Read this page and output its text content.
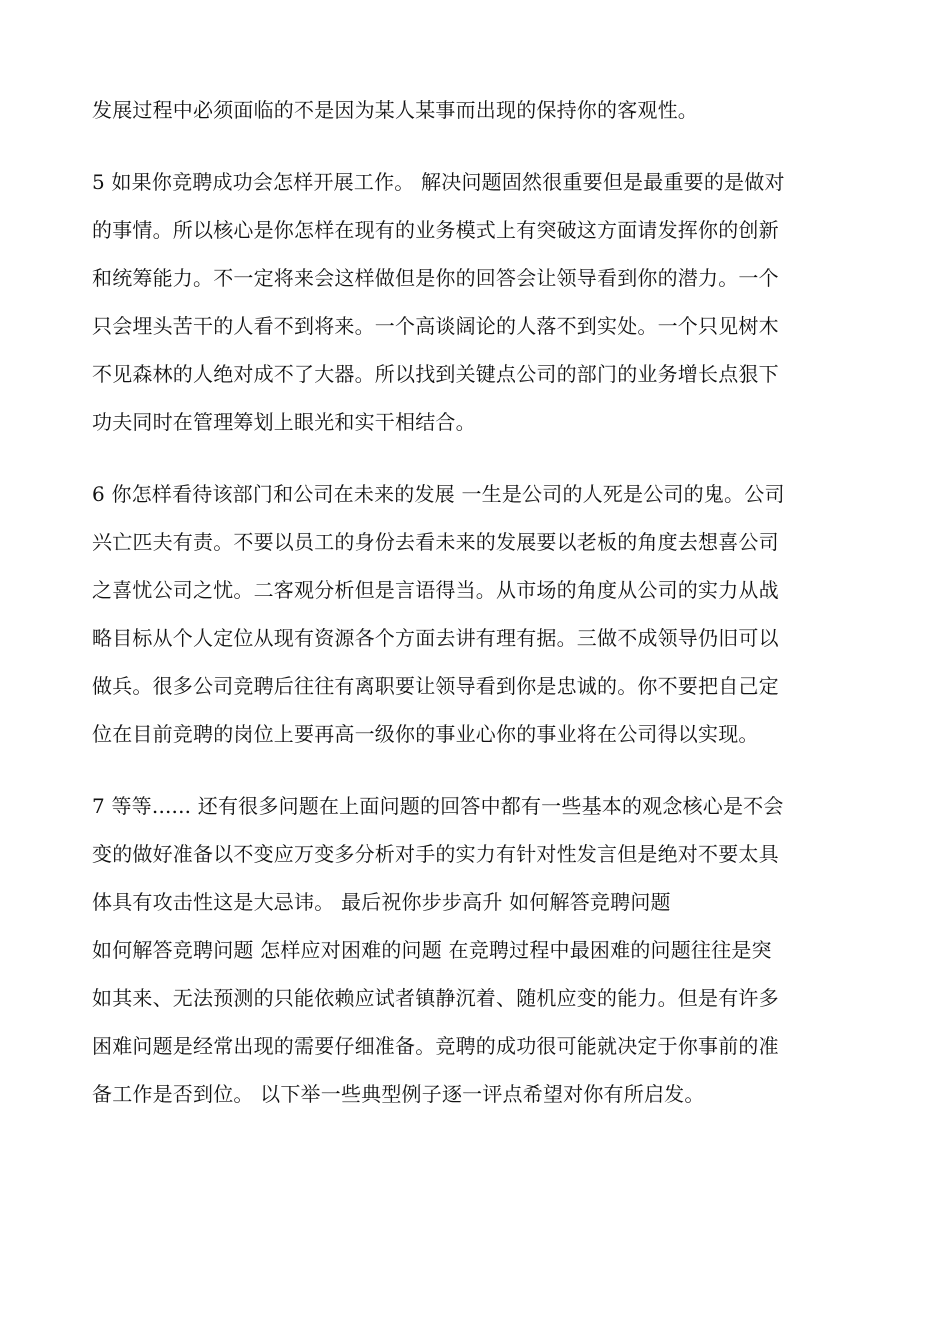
发展过程中必须面临的不是因为某人某事而出现的保持你的客观性。
5 如果你竞聘成功会怎样开展工作。 解决问题固然很重要但是最重要的是做对
的事情。所以核心是你怎样在现有的业务模式上有突破这方面请发挥你的创新
和统筹能力。不一定将来会这样做但是你的回答会让领导看到你的潜力。一个
只会埋头苦干的人看不到将来。一个高谈阔论的人落不到实处。一个只见树木
不见森林的人绝对成不了大器。所以找到关键点公司的部门的业务增长点狠下
功夫同时在管理筹划上眼光和实干相结合。
6 你怎样看待该部门和公司在未来的发展 一生是公司的人死是公司的鬼。公司
兴亡匹夫有责。不要以员工的身份去看未来的发展要以老板的角度去想喜公司
之喜忧公司之忧。二客观分析但是言语得当。从市场的角度从公司的实力从战
略目标从个人定位从现有资源各个方面去讲有理有据。三做不成领导仍旧可以
做兵。很多公司竞聘后往往有离职要让领导看到你是忠诚的。你不要把自己定
位在目前竞聘的岗位上要再高一级你的事业心你的事业将在公司得以实现。
7 等等...... 还有很多问题在上面问题的回答中都有一些基本的观念核心是不会
变的做好准备以不变应万变多分析对手的实力有针对性发言但是绝对不要太具
体具有攻击性这是大忌讳。 最后祝你步步高升 如何解答竞聘问题
如何解答竞聘问题 怎样应对困难的问题 在竞聘过程中最困难的问题往往是突
如其来、无法预测的只能依赖应试者镇静沉着、随机应变的能力。但是有许多
困难问题是经常出现的需要仔细准备。竞聘的成功很可能就决定于你事前的准
备工作是否到位。 以下举一些典型例子逐一评点希望对你有所启发。
